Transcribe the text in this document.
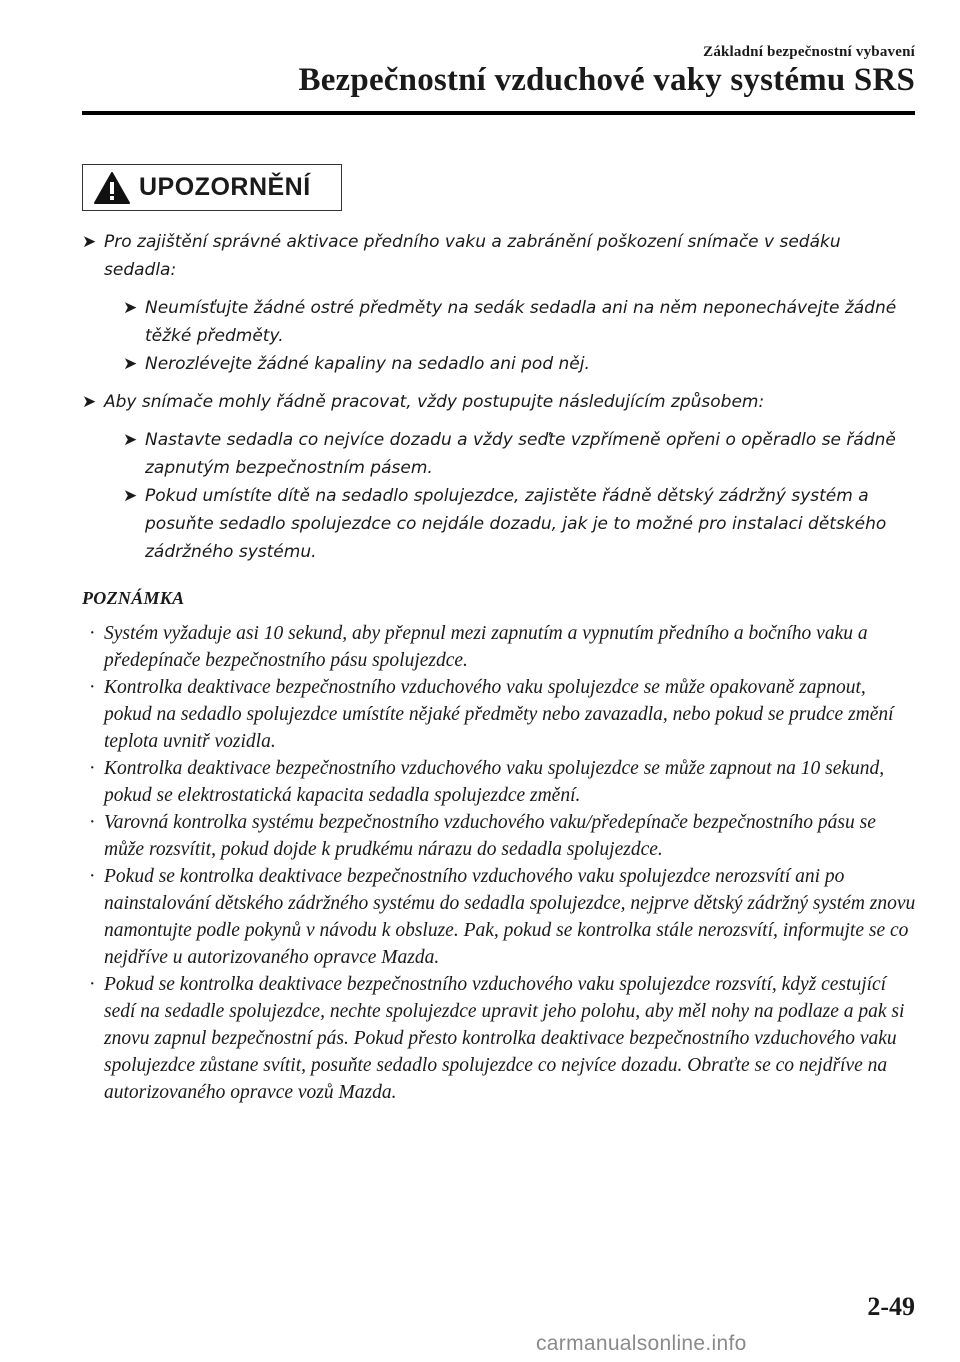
Základní bezpečnostní vybavení
Bezpečnostní vzduchové vaky systému SRS
UPOZORNĚNÍ
➤ Pro zajištění správné aktivace předního vaku a zabránění poškození snímače v sedáku sedadla:
➤ Neumísťujte žádné ostré předměty na sedák sedadla ani na něm neponechávejte žádné těžké předměty.
➤ Nerozlévejte žádné kapaliny na sedadlo ani pod něj.
➤ Aby snímače mohly řádně pracovat, vždy postupujte následujícím způsobem:
➤ Nastavte sedadla co nejvíce dozadu a vždy seďte vzpřímeně opřeni o opěradlo se řádně zapnutým bezpečnostním pásem.
➤ Pokud umístíte dítě na sedadlo spolujezdce, zajistěte řádně dětský zádržný systém a posuňte sedadlo spolujezdce co nejdále dozadu, jak je to možné pro instalaci dětského zádržného systému.
POZNÁMKA
· Systém vyžaduje asi 10 sekund, aby přepnul mezi zapnutím a vypnutím předního a bočního vaku a předepínače bezpečnostního pásu spolujezdce.
· Kontrolka deaktivace bezpečnostního vzduchového vaku spolujezdce se může opakovaně zapnout, pokud na sedadlo spolujezdce umístíte nějaké předměty nebo zavazadla, nebo pokud se prudce změní teplota uvnitř vozidla.
· Kontrolka deaktivace bezpečnostního vzduchového vaku spolujezdce se může zapnout na 10 sekund, pokud se elektrostatická kapacita sedadla spolujezdce změní.
· Varovná kontrolka systému bezpečnostního vzduchového vaku/předepínače bezpečnostního pásu se může rozsvítit, pokud dojde k prudkému nárazu do sedadla spolujezdce.
· Pokud se kontrolka deaktivace bezpečnostního vzduchového vaku spolujezdce nerozsvítí ani po nainstalování dětského zádržného systému do sedadla spolujezdce, nejprve dětský zádržný systém znovu namontujte podle pokynů v návodu k obsluze. Pak, pokud se kontrolka stále nerozsvítí, informujte se co nejdříve u autorizovaného opravce Mazda.
· Pokud se kontrolka deaktivace bezpečnostního vzduchového vaku spolujezdce rozsvítí, když cestující sedí na sedadle spolujezdce, nechte spolujezdce upravit jeho polohu, aby měl nohy na podlaze a pak si znovu zapnul bezpečnostní pás. Pokud přesto kontrolka deaktivace bezpečnostního vzduchového vaku spolujezdce zůstane svítit, posuňte sedadlo spolujezdce co nejvíce dozadu. Obraťte se co nejdříve na autorizovaného opravce vozů Mazda.
2-49
carmanualsonline.info
